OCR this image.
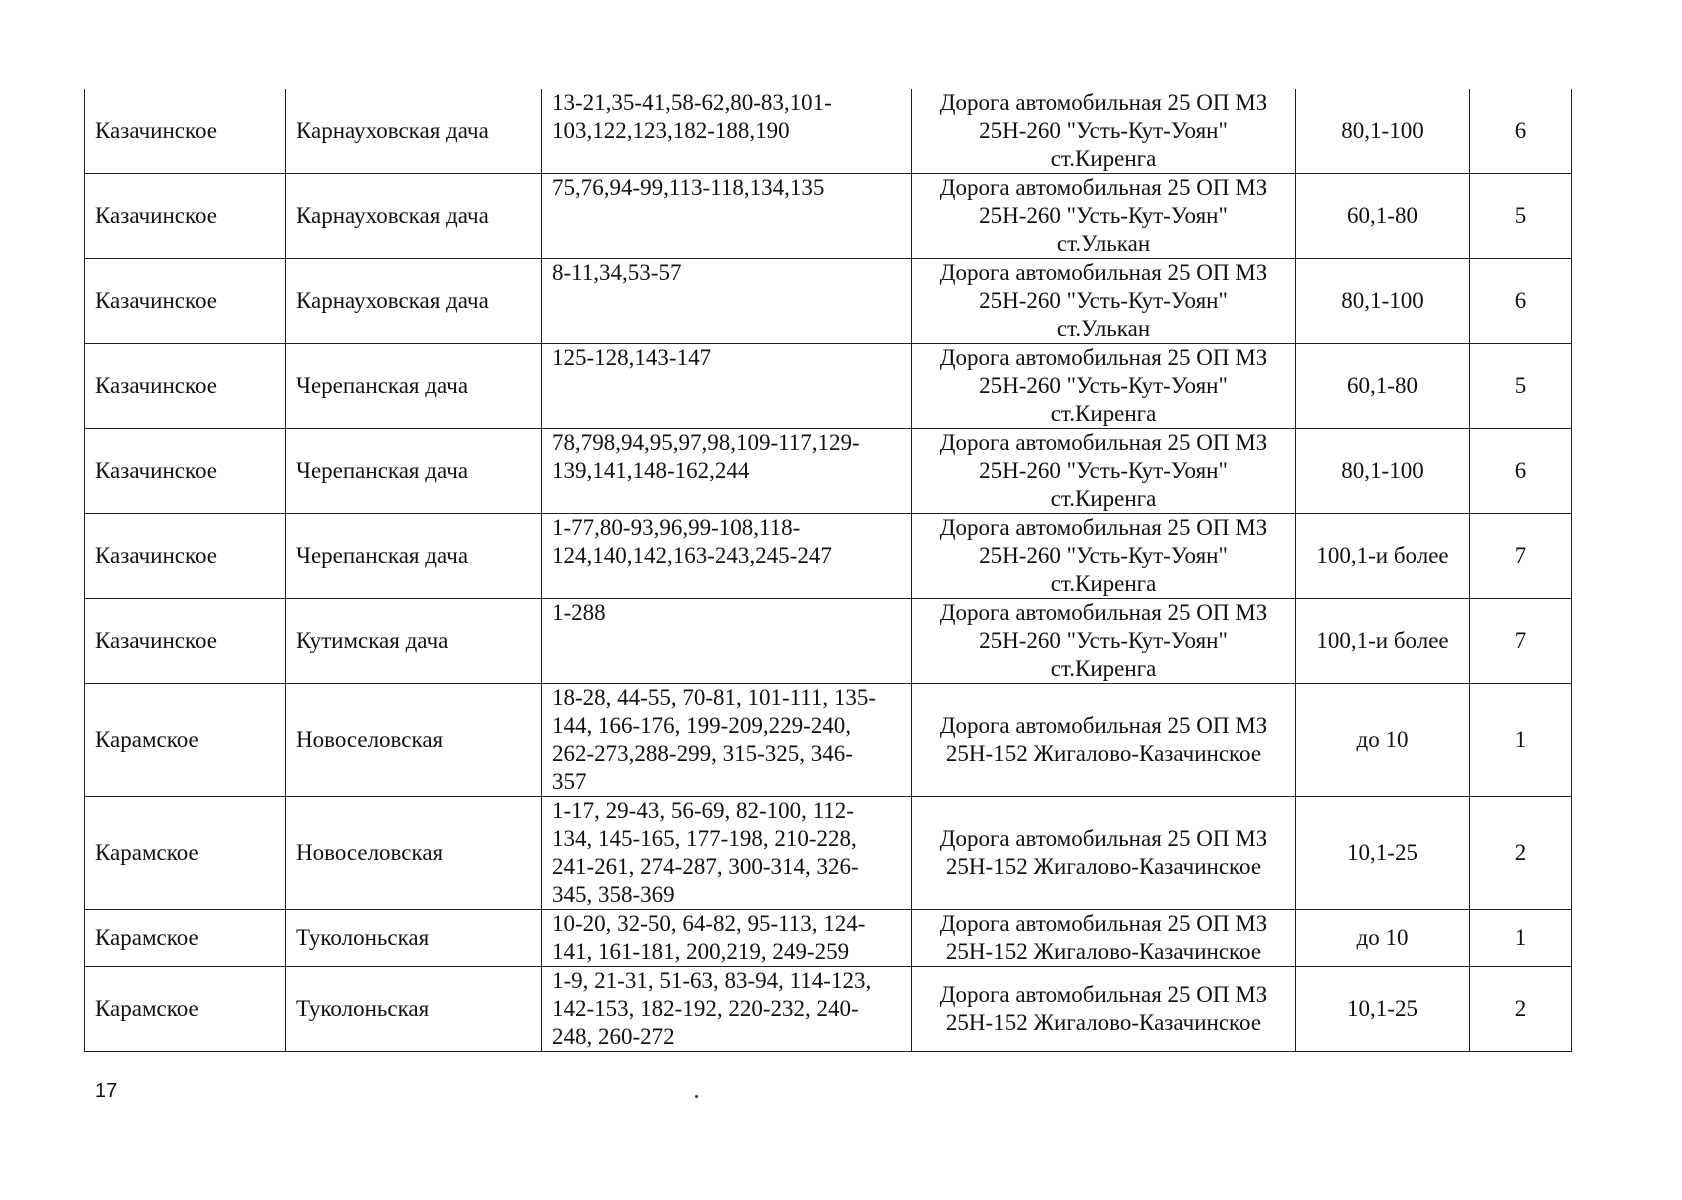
Казачинское	Карнауховская дача	13-21,35-41,58-62,80-83,101-
103,122,123,182-188,190	Дорога автомобильная 25 ОП МЗ
25Н-260 "Усть-Кут-Уоян"
ст.Киренга	80,1-100	6
Казачинское	Карнауховская дача	75,76,94-99,113-118,134,135	Дорога автомобильная 25 ОП МЗ
25Н-260 "Усть-Кут-Уоян"
ст.Улькан	60,1-80	5
Казачинское	Карнауховская дача	8-11,34,53-57	Дорога автомобильная 25 ОП МЗ
25Н-260 "Усть-Кут-Уоян"
ст.Улькан	80,1-100	6
Казачинское	Черепанская дача	125-128,143-147	Дорога автомобильная 25 ОП МЗ
25Н-260 "Усть-Кут-Уоян"
ст.Киренга	60,1-80	5
Казачинское	Черепанская дача	78,798,94,95,97,98,109-117,129-
139,141,148-162,244	Дорога автомобильная 25 ОП МЗ
25Н-260 "Усть-Кут-Уоян"
ст.Киренга	80,1-100	6
Казачинское	Черепанская дача	1-77,80-93,96,99-108,118-
124,140,142,163-243,245-247	Дорога автомобильная 25 ОП МЗ
25Н-260 "Усть-Кут-Уоян"
ст.Киренга	100,1-и более	7
Казачинское	Кутимская дача	1-288	Дорога автомобильная 25 ОП МЗ
25Н-260 "Усть-Кут-Уоян"
ст.Киренга	100,1-и более	7
Карамское	Новоселовская	18-28, 44-55, 70-81, 101-111, 135-
144, 166-176, 199-209,229-240,
262-273,288-299, 315-325, 346-
357	Дорога автомобильная 25 ОП МЗ
25Н-152 Жигалово-Казачинское	до 10	1
Карамское	Новоселовская	1-17, 29-43, 56-69, 82-100, 112-
134, 145-165, 177-198, 210-228,
241-261, 274-287, 300-314, 326-
345, 358-369	Дорога автомобильная 25 ОП МЗ
25Н-152 Жигалово-Казачинское	10,1-25	2
Карамское	Туколоньская	10-20, 32-50, 64-82, 95-113, 124-
141, 161-181, 200,219, 249-259	Дорога автомобильная 25 ОП МЗ
25Н-152 Жигалово-Казачинское	до 10	1
Карамское	Туколоньская	1-9, 21-31, 51-63, 83-94, 114-123,
142-153, 182-192, 220-232, 240-
248, 260-272	Дорога автомобильная 25 ОП МЗ
25Н-152 Жигалово-Казачинское	10,1-25	2
17
